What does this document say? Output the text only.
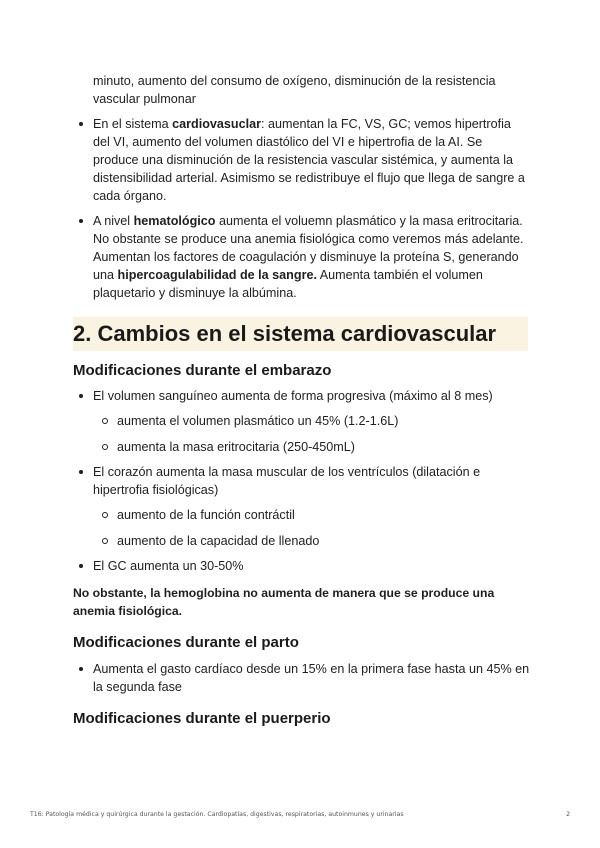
minuto, aumento del consumo de oxígeno, disminución de la resistencia vascular pulmonar

En el sistema cardiovasuclar: aumentan la FC, VS, GC; vemos hipertrofia del VI, aumento del volumen diastólico del VI e hipertrofia de la AI. Se produce una disminución de la resistencia vascular sistémica, y aumenta la distensibilidad arterial. Asimismo se redistribuye el flujo que llega de sangre a cada órgano.
A nivel hematológico aumenta el voluemn plasmático y la masa eritrocitaria. No obstante se produce una anemia fisiológica como veremos más adelante. Aumentan los factores de coagulación y disminuye la proteína S, generando una hipercoagulabilidad de la sangre. Aumenta también el volumen plaquetario y disminuye la albúmina.
2. Cambios en el sistema cardiovascular
Modificaciones durante el embarazo
El volumen sanguíneo aumenta de forma progresiva (máximo al 8 mes)
aumenta el volumen plasmático un 45% (1.2-1.6L)
aumenta la masa eritrocitaria (250-450mL)
El corazón aumenta la masa muscular de los ventrículos (dilatación e hipertrofia fisiológicas)
aumento de la función contráctil
aumento de la capacidad de llenado
El GC aumenta un 30-50%

No obstante, la hemoglobina no aumenta de manera que se produce una anemia fisiológica.

Modificaciones durante el parto
Aumenta el gasto cardíaco desde un 15% en la primera fase hasta un 45% en la segunda fase
Modificaciones durante el puerperio
T16: Patología médica y quirúrgica durante la gestación. Cardiopatías, digestivas, respiratorias, autoinmunes y urinarias	2
